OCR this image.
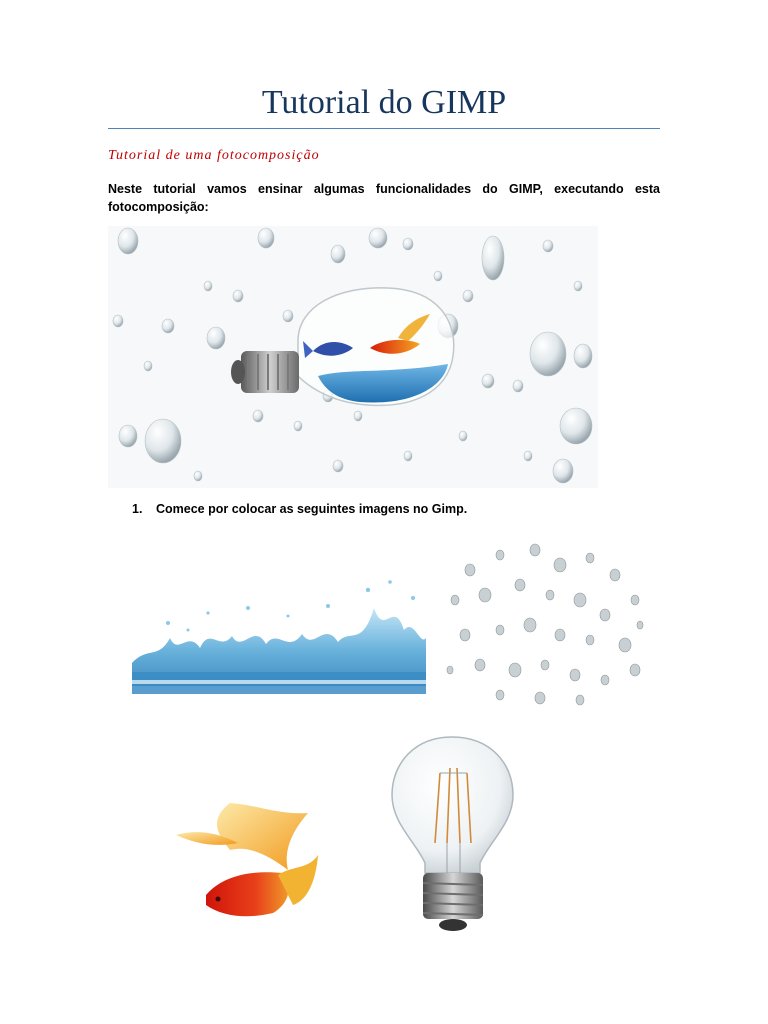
Tutorial do GIMP
Tutorial de uma fotocomposição

Neste tutorial vamos ensinar algumas funcionalidades do GIMP, executando esta fotocomposição:

1. Comece por colocar as seguintes imagens no Gimp.
